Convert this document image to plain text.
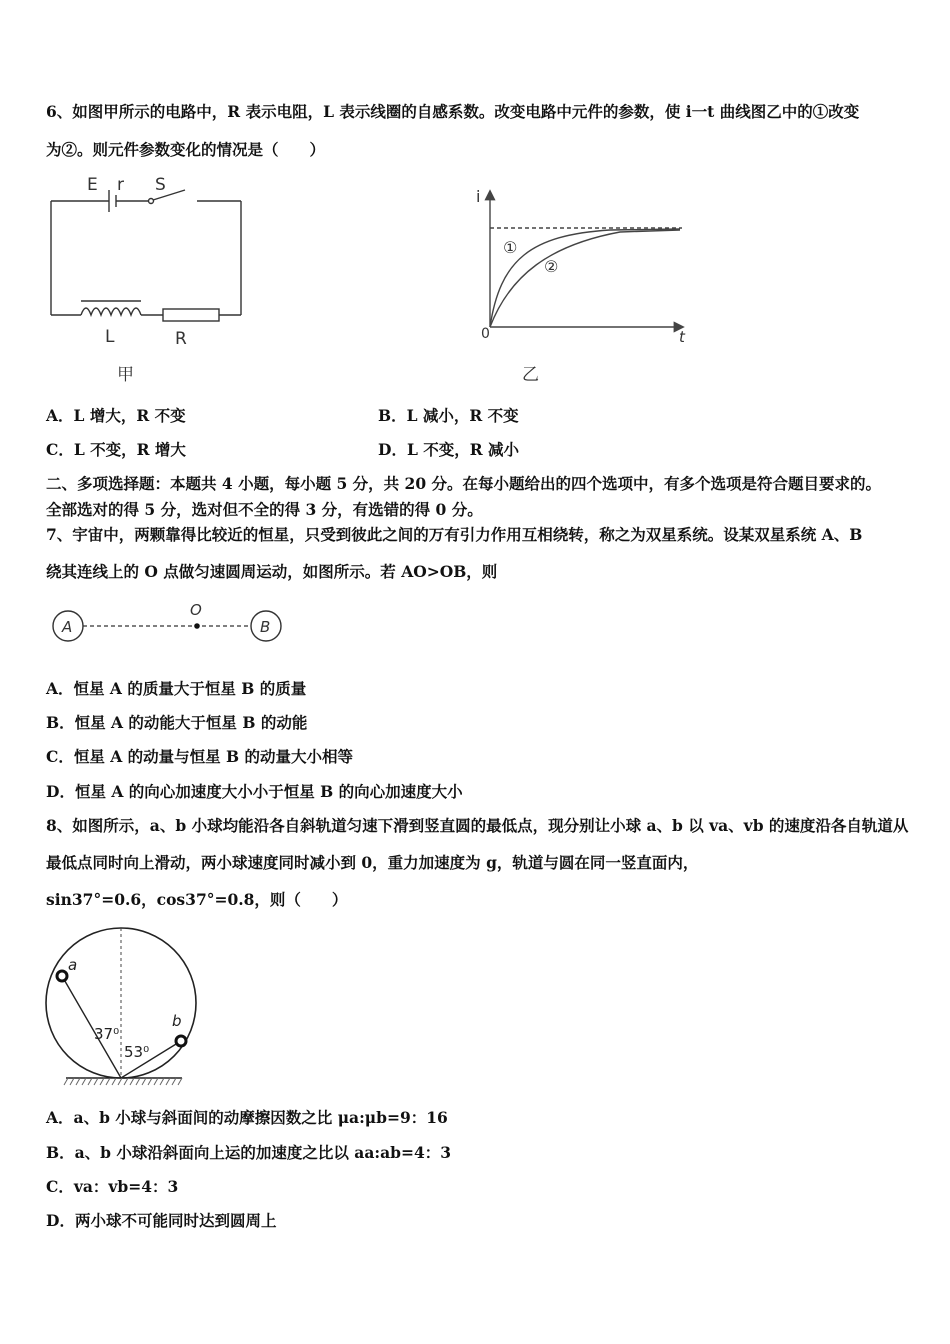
6、如图甲所示的电路中，R 表示电阻，L 表示线圈的自感系数。改变电路中元件的参数，使 i一t 曲线图乙中的①改变
为②。则元件参数变化的情况是（　　）
E r S
L	R
甲
i
t
0
①
②
乙
A．L 增大，R 不变	B．L 减小，R 不变
C．L 不变，R 增大	D．L 不变，R 减小
二、多项选择题：本题共 4 小题，每小题 5 分，共 20 分。在每小题给出的四个选项中，有多个选项是符合题目要求的。
全部选对的得 5 分，选对但不全的得 3 分，有选错的得 0 分。
7、宇宙中，两颗靠得比较近的恒星，只受到彼此之间的万有引力作用互相绕转，称之为双星系统。设某双星系统 A、B
绕其连线上的 O 点做匀速圆周运动，如图所示。若 AO>OB，则
A
O
B
A．恒星 A 的质量大于恒星 B 的质量
B．恒星 A 的动能大于恒星 B 的动能
C．恒星 A 的动量与恒星 B 的动量大小相等
D．恒星 A 的向心加速度大小小于恒星 B 的向心加速度大小
8、如图所示，a、b 小球均能沿各自斜轨道匀速下滑到竖直圆的最低点，现分别让小球 a、b 以 va、vb 的速度沿各自轨道从
最低点同时向上滑动，两小球速度同时减小到 0，重力加速度为 g，轨道与圆在同一竖直面内，
sin37°=0.6，cos37°=0.8，则（　　）
a
b
37⁰
53⁰
A．a、b 小球与斜面间的动摩擦因数之比 μa:μb=9：16
B．a、b 小球沿斜面向上运的加速度之比以 aa:ab=4：3
C．va：vb=4：3
D．两小球不可能同时达到圆周上
